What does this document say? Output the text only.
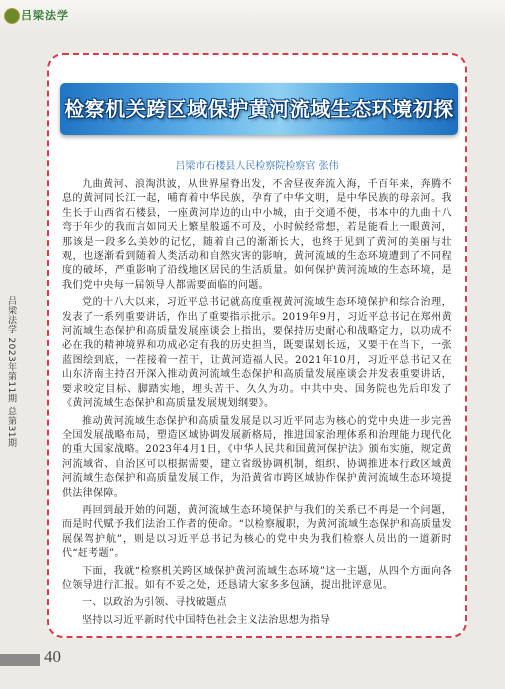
吕梁法学
检察机关跨区域保护黄河流域生态环境初探
吕梁市石楼县人民检察院检察官 张伟

九曲黄河、浪淘洪波，从世界屋脊出发，不舍昼夜奔流入海，千百年来，奔腾不息的黄河同长江一起，哺育着中华民族，孕育了中华文明，是中华民族的母亲河。我生长于山西省石楼县，一座黄河岸边的山中小城，由于交通不便，书本中的九曲十八弯于年少的我而言如同天上繁星般遥不可及，小时候经常想，若是能看上一眼黄河，那该是一段多么美妙的记忆，随着自己的渐渐长大，也终于见到了黄河的美丽与壮观，也逐渐看到随着人类活动和自然灾害的影响，黄河流域的生态环境遭到了不同程度的破坏，严重影响了沿线地区居民的生活质量。如何保护黄河流域的生态环境，是我们党中央每一届领导人都需要面临的问题。

党的十八大以来，习近平总书记就高度重视黄河流域生态环境保护和综合治理，发表了一系列重要讲话，作出了重要指示批示。2019年9月，习近平总书记在郑州黄河流域生态保护和高质量发展座谈会上指出，要保持历史耐心和战略定力，以功成不必在我的精神境界和功成必定有我的历史担当，既要谋划长远，又要干在当下，一张蓝图绘到底，一茬接着一茬干，让黄河造福人民。2021年10月，习近平总书记又在山东济南主持召开深入推动黄河流域生态保护和高质量发展座谈会并发表重要讲话，要求咬定目标、脚踏实地，埋头苦干、久久为功。中共中央、国务院也先后印发了《黄河流域生态保护和高质量发展规划纲要》。

推动黄河流域生态保护和高质量发展是以习近平同志为核心的党中央进一步完善全国发展战略布局，塑造区域协调发展新格局，推进国家治理体系和治理能力现代化的重大国家战略。2023年4月1日，《中华人民共和国黄河保护法》颁布实施，规定黄河流域省、自治区可以根据需要，建立省级协调机制，组织、协调推进本行政区域黄河流域生态保护和高质量发展工作，为沿黄省市跨区域协作保护黄河流域生态环境提供法律保障。

再回到最开始的问题，黄河流域生态环境保护与我们的关系已不再是一个问题，而是时代赋予我们法治工作者的使命。“以检察履职，为黄河流域生态保护和高质量发展保驾护航”，则是以习近平总书记为核心的党中央为我们检察人员出的一道新时代“赶考题”。

下面，我就“检察机关跨区域保护黄河流域生态环境”这一主题，从四个方面向各位领导进行汇报。如有不妥之处，还恳请大家多多包涵，提出批评意见。

一、以政治为引领、寻找破题点

坚持以习近平新时代中国特色社会主义法治思想为指导

吕梁法学 2023年第11期 总第31期
40
